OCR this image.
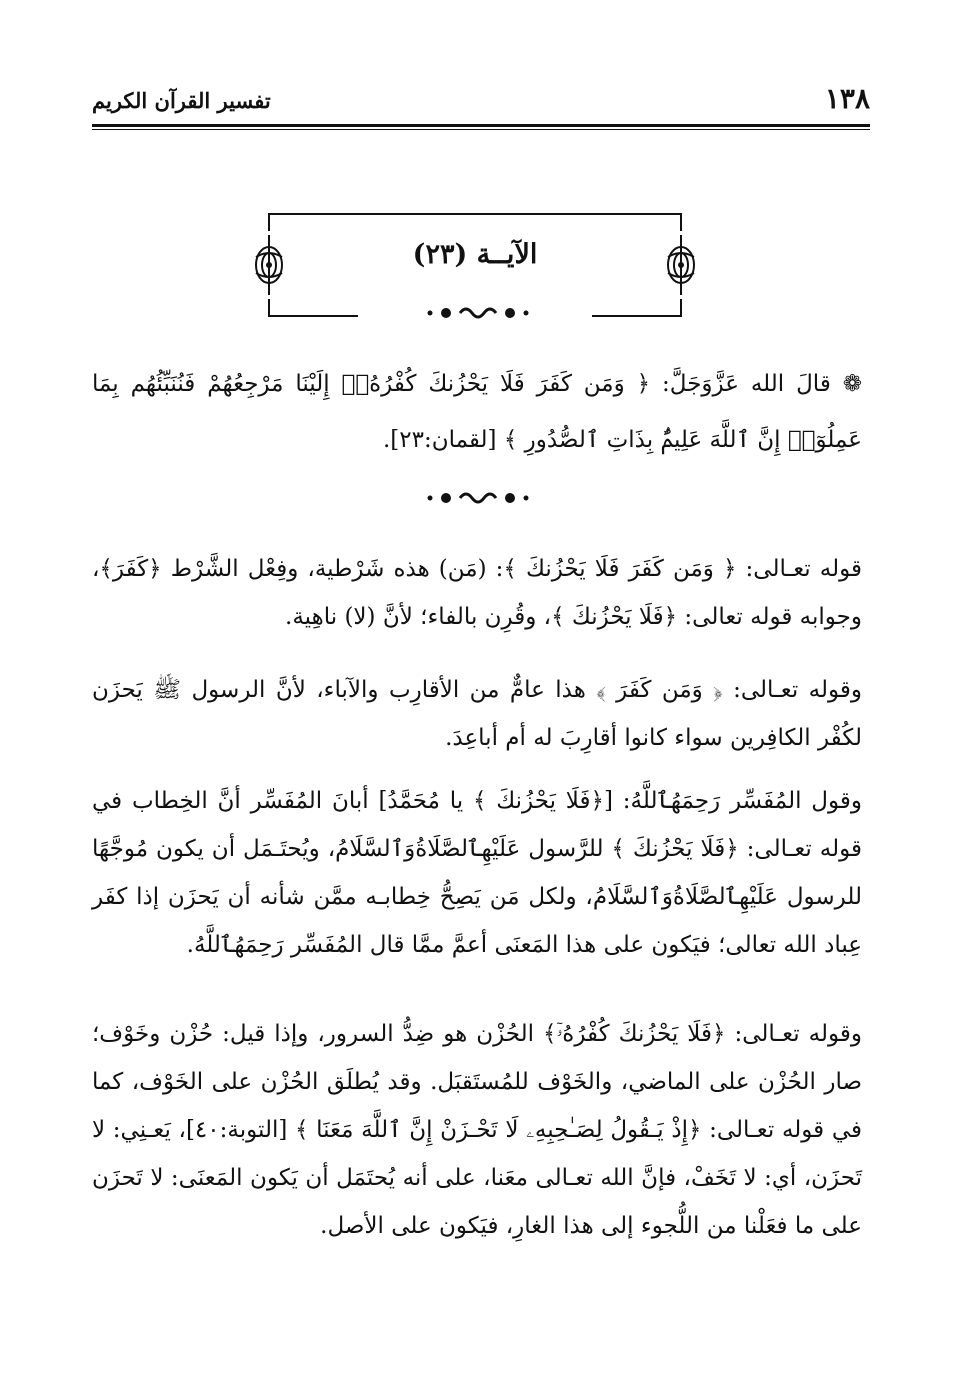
تفسير القرآن الكريم	١٣٨
الآيــة (٢٣)

❁ قالَ الله عَزَّوَجَلَّ: ﴿ وَمَن كَفَرَ فَلَا يَحْزُنكَ كُفْرُهُۥٓ إِلَيْنَا مَرْجِعُهُمْ فَنُنَبِّئُهُم بِمَا عَمِلُوٓا۟ إِنَّ ٱللَّهَ عَلِيمٌۢ بِذَاتِ ٱلصُّدُورِ ﴾ [لقمان:٢٣].

قوله تعـالى: ﴿ وَمَن كَفَرَ فَلَا يَحْزُنكَ ﴾: (مَن) هذه شَرْطية، وفِعْل الشَّرْط ﴿كَفَرَ﴾، وجوابه قوله تعالى: ﴿فَلَا يَحْزُنكَ ﴾، وقُرِن بالفاء؛ لأنَّ (لا) ناهِية.

وقوله تعـالى: ﴿ وَمَن كَفَرَ ﴾ هذا عامٌّ من الأقارِب والآباء، لأنَّ الرسول ﷺ يَحزَن لكُفْر الكافِرين سواء كانوا أقارِبَ له أم أباعِدَ.

وقول المُفَسِّر رَحِمَهُٱللَّهُ: [﴿فَلَا يَحْزُنكَ ﴾ يا مُحَمَّدُ] أبانَ المُفَسِّر أنَّ الخِطاب في قوله تعـالى: ﴿فَلَا يَحْزُنكَ ﴾ للرَّسول عَلَيْهِٱلصَّلَاةُوَٱلسَّلَامُ، ويُحتَـمَل أن يكون مُوجَّهًا للرسول عَلَيْهِٱلصَّلَاةُوَٱلسَّلَامُ، ولكل مَن يَصِحُّ خِطابـه ممَّن شأنه أن يَحزَن إذا كفَر عِباد الله تعالى؛ فيَكون على هذا المَعنَى أعمَّ ممَّا قال المُفَسِّر رَحِمَهُٱللَّهُ.

وقوله تعـالى: ﴿فَلَا يَحْزُنكَ كُفْرُهُۥٓ﴾ الحُزْن هو ضِدُّ السرور، وإذا قيل: حُزْن وخَوْف؛ صار الحُزْن على الماضي، والخَوْف للمُستَقبَل. وقد يُطلَق الحُزْن على الخَوْف، كما في قوله تعـالى: ﴿إِذْ يَـقُولُ لِصَـٰحِبِهِۦ لَا تَحْـزَنْ إِنَّ ٱللَّهَ مَعَنَا ﴾ [التوبة:٤٠]، يَعـنِي: لا تَحزَن، أي: لا تَخَفْ، فإنَّ الله تعـالى معَنا، على أنه يُحتَمَل أن يَكون المَعنَى: لا تَحزَن على ما فعَلْنا من اللُّجوء إلى هذا الغارِ، فيَكون على الأصل.
